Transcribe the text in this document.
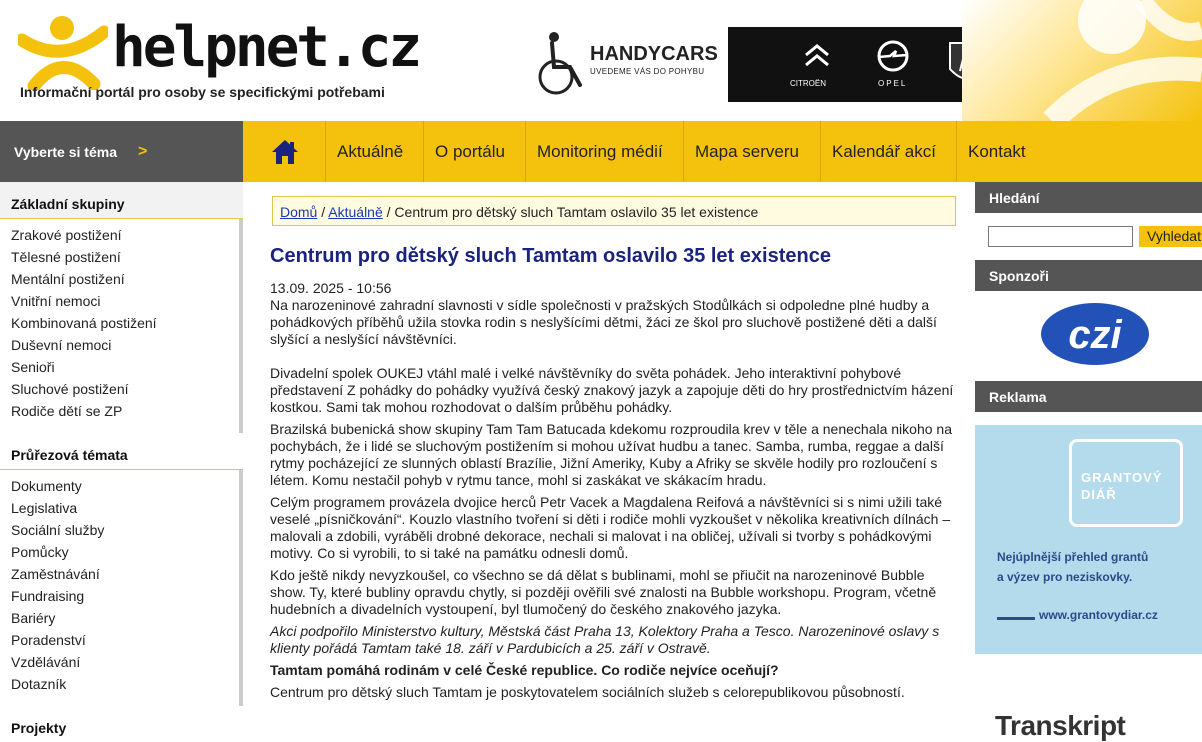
helpnet.cz
Informační portál pro osoby se specifickými potřebami
HANDYCARS
UVEDEME VÁS DO POHYBU
CITROËN	OPEL
Vyberte si téma >	Aktuálně	O portálu	Monitoring médií	Mapa serveru	Kalendář akcí	Kontakt
Základní skupiny
Zrakové postižení
Tělesné postižení
Mentální postižení
Vnitřní nemoci
Kombinovaná postižení
Duševní nemoci
Senioři
Sluchové postižení
Rodiče dětí se ZP
Průřezová témata
Dokumenty
Legislativa
Sociální služby
Pomůcky
Zaměstnávání
Fundraising
Bariéry
Poradenství
Vzdělávání
Dotazník
Projekty
Domů / Aktuálně / Centrum pro dětský sluch Tamtam oslavilo 35 let existence
Centrum pro dětský sluch Tamtam oslavilo 35 let existence
13.09. 2025 - 10:56

Na narozeninové zahradní slavnosti v sídle společnosti v pražských Stodůlkách si odpoledne plné hudby a pohádkových příběhů užila stovka rodin s neslyšícími dětmi, žáci ze škol pro sluchově postižené děti a další slyšící a neslyšící návštěvníci.

Divadelní spolek OUKEJ vtáhl malé i velké návštěvníky do světa pohádek. Jeho interaktivní pohybové představení Z pohádky do pohádky využívá český znakový jazyk a zapojuje děti do hry prostřednictvím házení kostkou. Sami tak mohou rozhodovat o dalším průběhu pohádky.

Brazilská bubenická show skupiny Tam Tam Batucada kdekomu rozproudila krev v těle a nenechala nikoho na pochybách, že i lidé se sluchovým postižením si mohou užívat hudbu a tanec. Samba, rumba, reggae a další rytmy pocházející ze slunných oblastí Brazílie, Jižní Ameriky, Kuby a Afriky se skvěle hodily pro rozloučení s létem. Komu nestačil pohyb v rytmu tance, mohl si zaskákat ve skákacím hradu.

Celým programem provázela dvojice herců Petr Vacek a Magdalena Reifová a návštěvníci si s nimi užili také veselé „písničkování“. Kouzlo vlastního tvoření si děti i rodiče mohli vyzkoušet v několika kreativních dílnách – malovali a zdobili, vyráběli drobné dekorace, nechali si malovat i na obličej, užívali si tvorby s pohádkovými motivy. Co si vyrobili, to si také na památku odnesli domů.

Kdo ještě nikdy nevyzkoušel, co všechno se dá dělat s bublinami, mohl se přiučit na narozeninové Bubble show. Ty, které bubliny opravdu chytly, si později ověřili své znalosti na Bubble workshopu. Program, včetně hudebních a divadelních vystoupení, byl tlumočený do českého znakového jazyka.

Akci podpořilo Ministerstvo kultury, Městská část Praha 13, Kolektory Praha a Tesco. Narozeninové oslavy s klienty pořádá Tamtam také 18. září v Pardubicích a 25. září v Ostravě.

Tamtam pomáhá rodinám v celé České republice. Co rodiče nejvíce oceňují?

Centrum pro dětský sluch Tamtam je poskytovatelem sociálních služeb s celorepublikovou působností.

Hledání
Vyhledat
Sponzoři
czi
Reklama
GRANTOVÝ
DIÁŘ
Nejúplnější přehled grantů
a výzev pro neziskovky.
www.grantovydiar.cz
Transkript
